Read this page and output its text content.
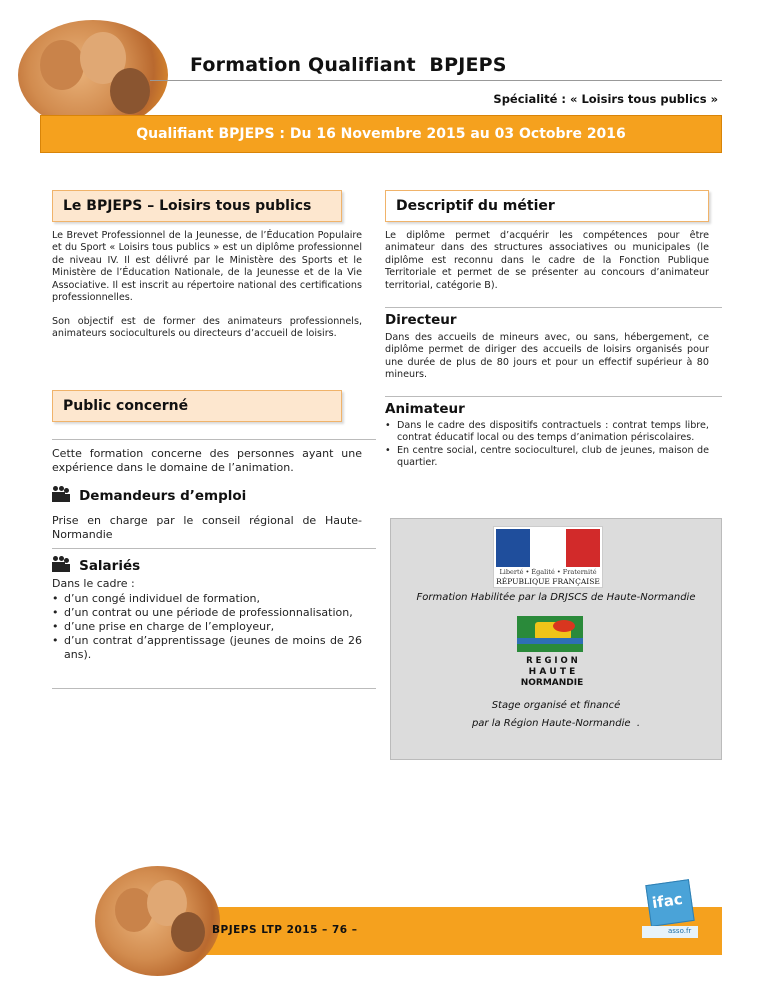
Formation Qualifiant  BPJEPS
Spécialité : « Loisirs tous publics »
Qualifiant BPJEPS : Du 16 Novembre 2015 au 03 Octobre 2016
Le BPJEPS – Loisirs tous publics
Le Brevet Professionnel de la Jeunesse, de l’Éducation Populaire et du Sport « Loisirs tous publics » est un diplôme professionnel de niveau IV. Il est délivré par le Ministère des Sports et le Ministère de l’Éducation Nationale, de la Jeunesse et de la Vie Associative. Il est inscrit au répertoire national des certifications professionnelles.
Son objectif est de former des animateurs professionnels, animateurs socioculturels ou directeurs d’accueil de loisirs.
Public concerné
Cette formation concerne des personnes ayant une expérience dans le domaine de l’animation.
Demandeurs d’emploi
Prise en charge par le conseil régional de Haute-Normandie
Salariés
Dans le cadre :
• d’un congé individuel de formation,
• d’un contrat ou une période de professionnalisation,
• d’une prise en charge de l’employeur,
• d’un contrat d’apprentissage (jeunes de moins de 26 ans).
Descriptif du métier
Le diplôme permet d’acquérir les compétences pour être animateur dans des structures associatives ou municipales (le diplôme est reconnu dans le cadre de la Fonction Publique Territoriale et permet de se présenter au concours d’animateur territorial, catégorie B).
Directeur
Dans des accueils de mineurs avec, ou sans, hébergement, ce diplôme permet de diriger des accueils de loisirs organisés pour une durée de plus de 80 jours et pour un effectif supérieur à 80 mineurs.
Animateur
• Dans le cadre des dispositifs contractuels : contrat temps libre, contrat éducatif local ou des temps d’animation périscolaires.
• En centre social, centre socioculturel, club de jeunes, maison de quartier.
Liberté • Égalité • Fraternité
RÉPUBLIQUE FRANÇAISE
Formation Habilitée par la DRJSCS de Haute-Normandie
R E G I O N
H A U T E
NORMANDIE
Stage organisé et financé
par la Région Haute-Normandie  .
BPJEPS LTP 2015 – 76 –
ifac
asso.fr
